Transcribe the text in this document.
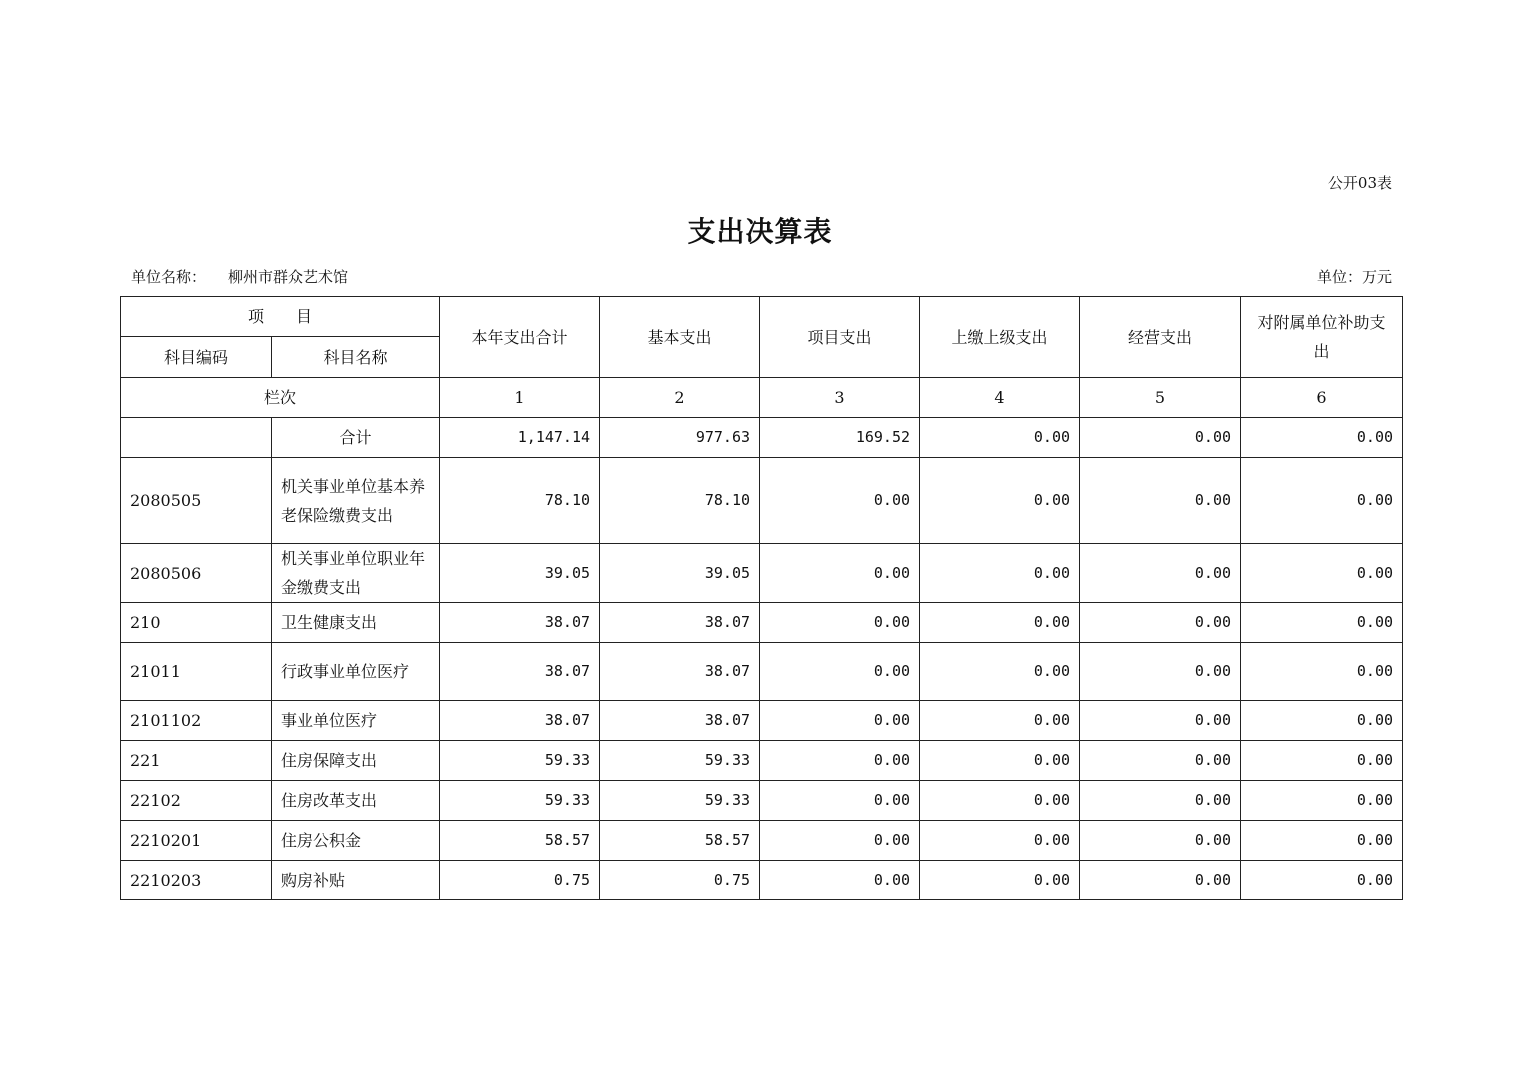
公开03表
支出决算表
单位名称： 柳州市群众艺术馆	单位：万元
项　　目		本年支出合计	基本支出	项目支出	上缴上级支出	经营支出	对附属单位补助支出
科目编码	科目名称						
栏次		1	2	3	4	5	6
	合计	1,147.14	977.63	169.52	0.00	0.00	0.00
2080505	机关事业单位基本养老保险缴费支出	78.10	78.10	0.00	0.00	0.00	0.00
2080506	机关事业单位职业年金缴费支出	39.05	39.05	0.00	0.00	0.00	0.00
210	卫生健康支出	38.07	38.07	0.00	0.00	0.00	0.00
21011	行政事业单位医疗	38.07	38.07	0.00	0.00	0.00	0.00
2101102	事业单位医疗	38.07	38.07	0.00	0.00	0.00	0.00
221	住房保障支出	59.33	59.33	0.00	0.00	0.00	0.00
22102	住房改革支出	59.33	59.33	0.00	0.00	0.00	0.00
2210201	住房公积金	58.57	58.57	0.00	0.00	0.00	0.00
2210203	购房补贴	0.75	0.75	0.00	0.00	0.00	0.00
